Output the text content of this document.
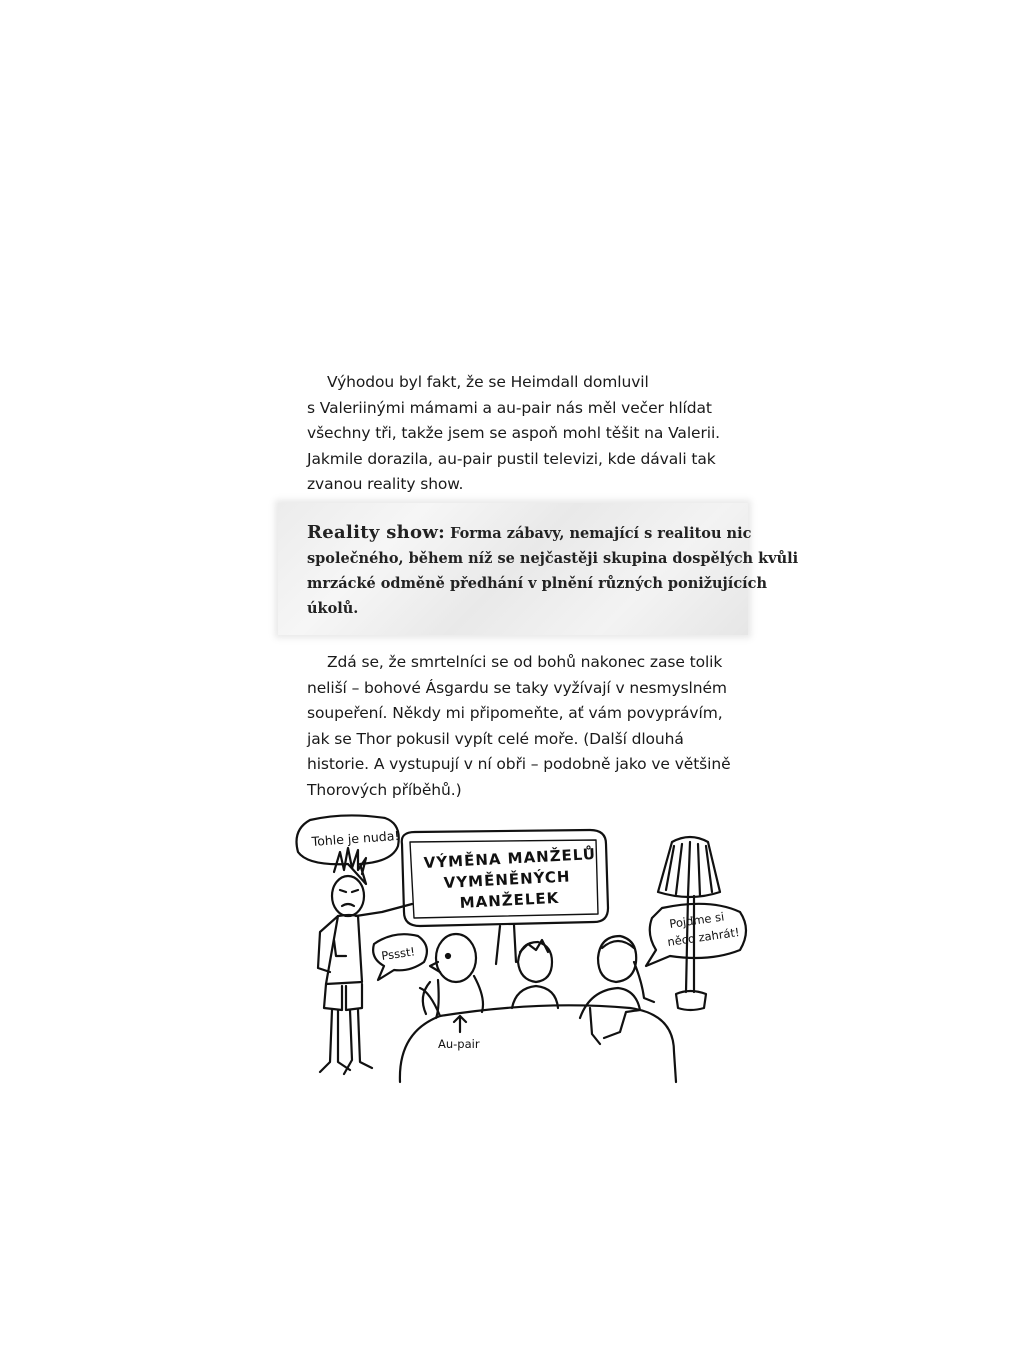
Výhodou byl fakt, že se Heimdall domluvil
s Valeriinými mámami a au-pair nás měl večer hlídat
všechny tři, takže jsem se aspoň mohl těšit na Valerii.
Jakmile dorazila, au-pair pustil televizi, kde dávali tak
zvanou reality show.
Reality show: Forma zábavy, nemající s realitou nic
společného, během níž se nejčastěji skupina dospělých kvůli
mrzácké odměně předhání v plnění různých ponižujících
úkolů.
Zdá se, že smrtelníci se od bohů nakonec zase tolik
neliší – bohové Ásgardu se taky vyžívají v nesmyslném
soupeření. Někdy mi připomeňte, ať vám povyprávím,
jak se Thor pokusil vypít celé moře. (Další dlouhá
historie. A vystupují v ní obři – podobně jako ve většině
Thorových příběhů.)
Tohle je nuda!
VÝMĚNA MANŽELŮ
VYMĚNĚNÝCH
MANŽELEK
Pssst!
Pojďme si
něco zahrát!
Au-pair
